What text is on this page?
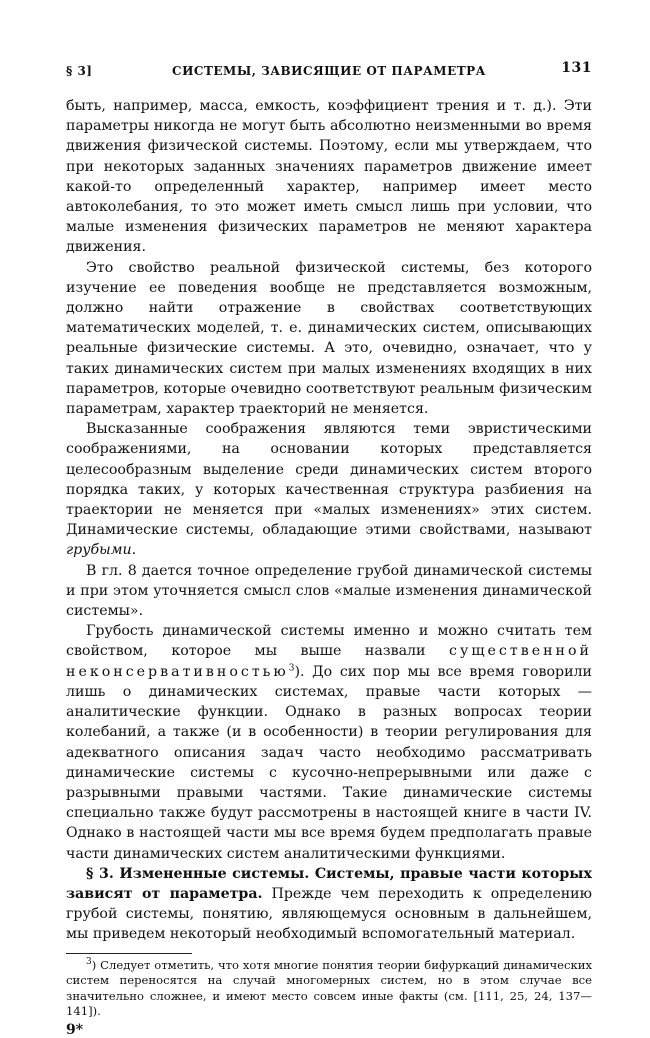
§ 3]	СИСТЕМЫ, ЗАВИСЯЩИЕ ОТ ПАРАМЕТРА	131

быть, например, масса, емкость, коэффициент трения и т. д.). Эти параметры никогда не могут быть абсолютно неизменными во время движения физической системы. Поэтому, если мы утверждаем, что при некоторых заданных значениях параметров движение имеет какой-то определенный характер, например имеет место автоколебания, то это может иметь смысл лишь при условии, что малые изменения физических параметров не меняют характера движения.

Это свойство реальной физической системы, без которого изучение ее поведения вообще не представляется возможным, должно найти отражение в свойствах соответствующих математических моделей, т. е. динамических систем, описывающих реальные физические системы. А это, очевидно, означает, что у таких динамических систем при малых изменениях входящих в них параметров, которые очевидно соответствуют реальным физическим параметрам, характер траекторий не меняется.

Высказанные соображения являются теми эвристическими соображениями, на основании которых представляется целесообразным выделение среди динамических систем второго порядка таких, у которых качественная структура разбиения на траектории не меняется при «малых изменениях» этих систем. Динамические системы, обладающие этими свойствами, называют грубыми.

В гл. 8 дается точное определение грубой динамической системы и при этом уточняется смысл слов «малые изменения динамической системы».

Грубость динамической системы именно и можно считать тем свойством, которое мы выше назвали существенной неконсервативностью$^3$). До сих пор мы все время говорили лишь о динамических системах, правые части которых — аналитические функции. Однако в разных вопросах теории колебаний, а также (и в особенности) в теории регулирования для адекватного описания задач часто необходимо рассматривать динамические системы с кусочно-непрерывными или даже с разрывными правыми частями. Такие динамические системы специально также будут рассмотрены в настоящей книге в части IV. Однако в настоящей части мы все время будем предполагать правые части динамических систем аналитическими функциями.

§ 3. Измененные системы. Системы, правые части которых зависят от параметра. Прежде чем переходить к определению грубой системы, понятию, являющемуся основным в дальнейшем, мы приведем некоторый необходимый вспомогательный материал.

$^3$) Следует отметить, что хотя многие понятия теории бифуркаций динамических систем переносятся на случай многомерных систем, но в этом случае все значительно сложнее, и имеют место совсем иные факты (см. [111, 25, 24, 137—141]).
9*
